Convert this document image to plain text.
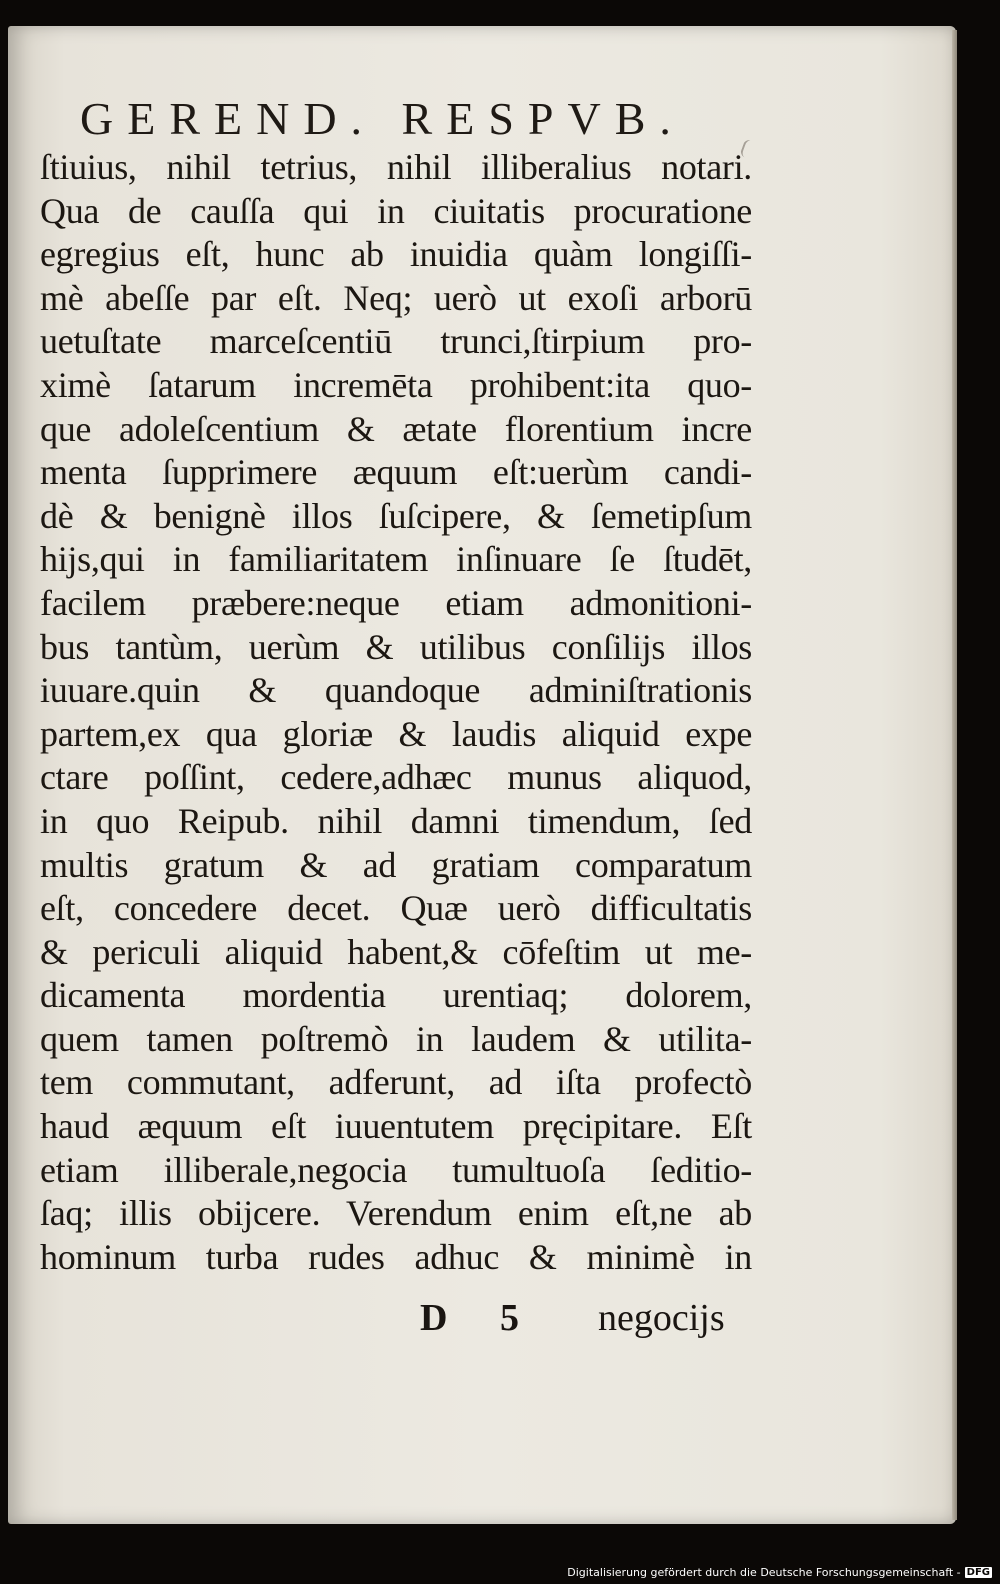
GEREND. RESPVB.
ſtiuius, nihil tetrius, nihil illiberalius notari.
Qua de cauſſa qui in ciuitatis procuratione
egregius eſt, hunc ab inuidia quàm longiſſi-
mè abeſſe par eſt. Neq; uerò ut exoſi arborū
uetuſtate marceſcentiū trunci,ſtirpium pro-
ximè ſatarum incremēta prohibent:ita quo-
que adoleſcentium & ætate florentium incre
menta ſupprimere æquum eſt:uerùm candi-
dè & benignè illos ſuſcipere, & ſemetipſum
hijs,qui in familiaritatem inſinuare ſe ſtudēt,
facilem præbere:neque etiam admonitioni-
bus tantùm, uerùm & utilibus conſilijs illos
iuuare.quin & quandoque adminiſtrationis
partem,ex qua gloriæ & laudis aliquid expe
ctare poſſint, cedere,adhæc munus aliquod,
in quo Reipub. nihil damni timendum, ſed
multis gratum & ad gratiam comparatum
eſt, concedere decet. Quæ uerò difficultatis
& periculi aliquid habent,& cōfeſtim ut me-
dicamenta mordentia urentiaq; dolorem,
quem tamen poſtremò in laudem & utilita-
tem commutant, adferunt, ad iſta profectò
haud æquum eſt iuuentutem pręcipitare. Eſt
etiam illiberale,negocia tumultuoſa ſeditio-
ſaq; illis obijcere. Verendum enim eſt,ne ab
hominum turba rudes adhuc & minimè in
D 5 negocijs
Digitalisierung gefördert durch die Deutsche Forschungsgemeinschaft - DFG
